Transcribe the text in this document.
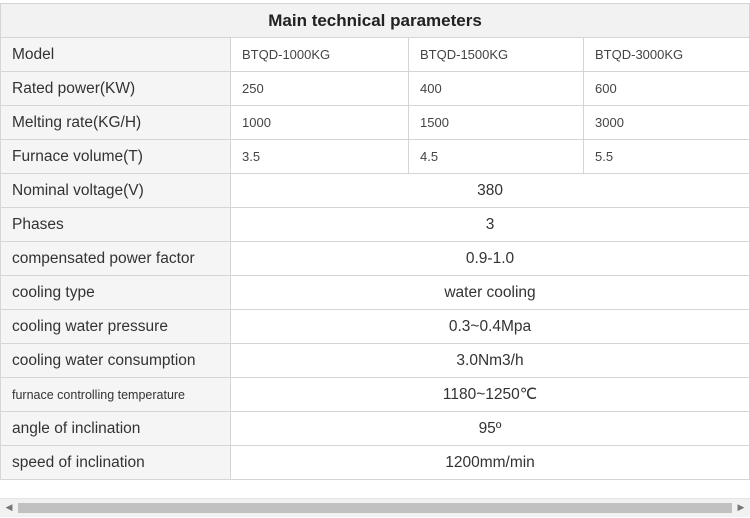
Main technical parameters			
Model	BTQD-1000KG	BTQD-1500KG	BTQD-3000KG
Rated power(KW)	250	400	600
Melting rate(KG/H)	1000	1500	3000
Furnace volume(T)	3.5	4.5	5.5
Nominal voltage(V)	380		
Phases	3		
compensated power factor	0.9-1.0		
cooling type	water cooling		
cooling water pressure	0.3~0.4Mpa		
cooling water consumption	3.0Nm3/h		
furnace controlling temperature	1180~1250℃		
angle of inclination	95º		
speed of inclination	1200mm/min		
◀	▶
